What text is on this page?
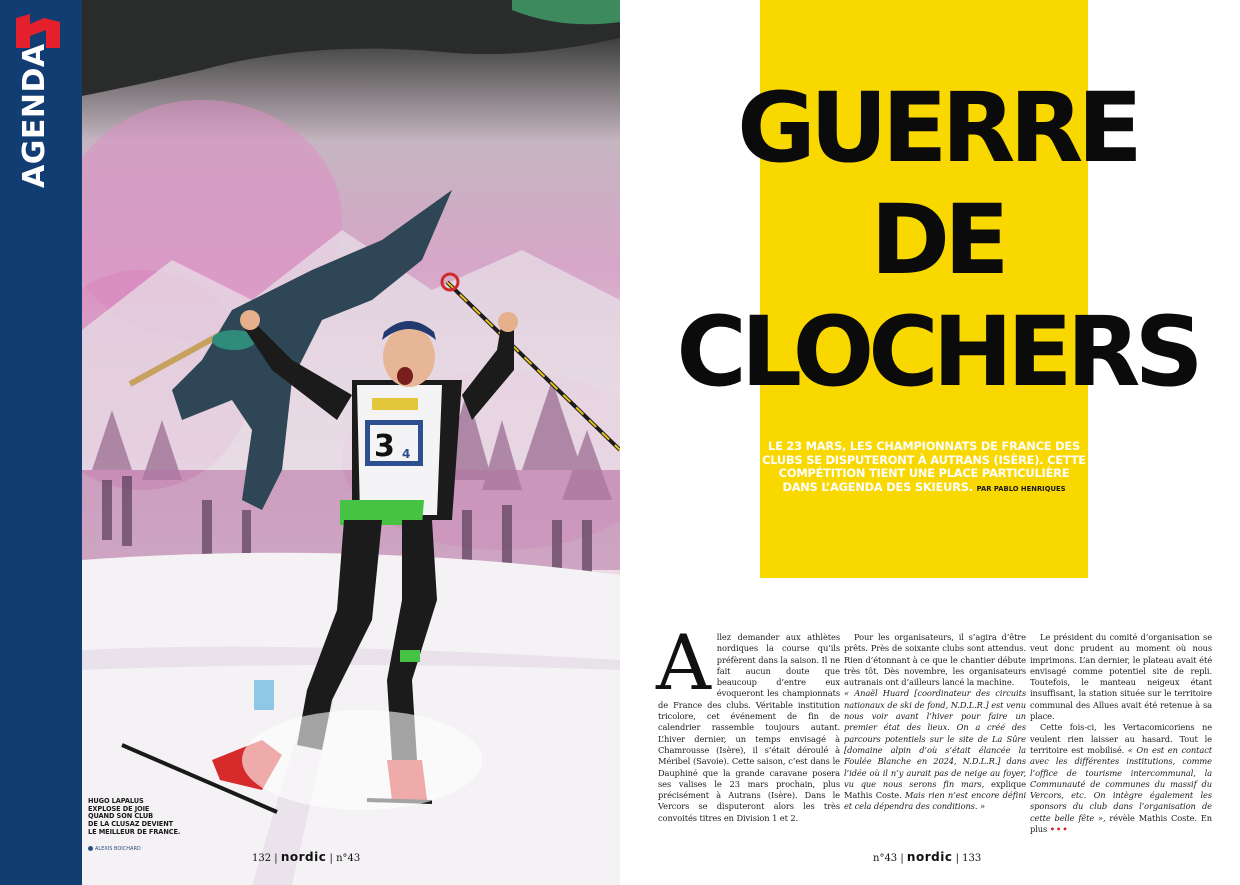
AGENDA
3 4
HUGO LAPALUS
EXPLOSE DE JOIE
QUAND SON CLUB
DE LA CLUSAZ DEVIENT
LE MEILLEUR DE FRANCE.
ALEXIS BOICHARD
132 | nordic | n°43
GUERRE
DE
CLOCHERS
LE 23 MARS, LES CHAMPIONNATS DE FRANCE DES CLUBS SE DISPUTERONT À AUTRANS (ISÈRE). CETTE COMPÉTITION TIENT UNE PLACE PARTICULIÈRE DANS L’AGENDA DES SKIEURS. PAR PABLO HENRIQUES
A llez demander aux athlètes nordiques la course qu’ils préfèrent dans la saison. Il ne fait aucun doute que beaucoup d’entre eux évoqueront les championnats de France des clubs. Véritable institution tricolore, cet événement de fin de calendrier rassemble toujours autant. L’hiver dernier, un temps envisagé à Chamrousse (Isère), il s’était déroulé à Méribel (Savoie). Cette saison, c’est dans le Dauphiné que la grande caravane posera ses valises le 23 mars prochain, plus précisément à Autrans (Isère). Dans le Vercors se disputeront alors les très convoités titres en Division 1 et 2.

Pour les organisateurs, il s’agira d’être prêts. Près de soixante clubs sont attendus. Rien d’étonnant à ce que le chantier débute très tôt. Dès novembre, les organisateurs autranais ont d’ailleurs lancé la machine.

« Anaël Huard [coordinateur des circuits nationaux de ski de fond, N.D.L.R.] est venu nous voir avant l’hiver pour faire un premier état des lieux. On a créé des parcours potentiels sur le site de La Sûre [domaine alpin d’où s’était élancée la Foulée Blanche en 2024, N.D.L.R.] dans l’idée où il n’y aurait pas de neige au foyer, vu que nous serons fin mars, explique Mathis Coste. Mais rien n’est encore défini et cela dépendra des conditions. »

Le président du comité d’organisation se veut donc prudent au moment où nous imprimons. L’an dernier, le plateau avait été envisagé comme potentiel site de repli. Toutefois, le manteau neigeux étant insuffisant, la station située sur le territoire communal des Allues avait été retenue à sa place.

Cette fois-ci, les Vertacomicoriens ne veulent rien laisser au hasard. Tout le territoire est mobilisé. « On est en contact avec les différentes institutions, comme l’office de tourisme intercommunal, la Communauté de communes du massif du Vercors, etc. On intègre également les sponsors du club dans l’organisation de cette belle fête », révèle Mathis Coste. En plus •••

n°43 | nordic | 133
